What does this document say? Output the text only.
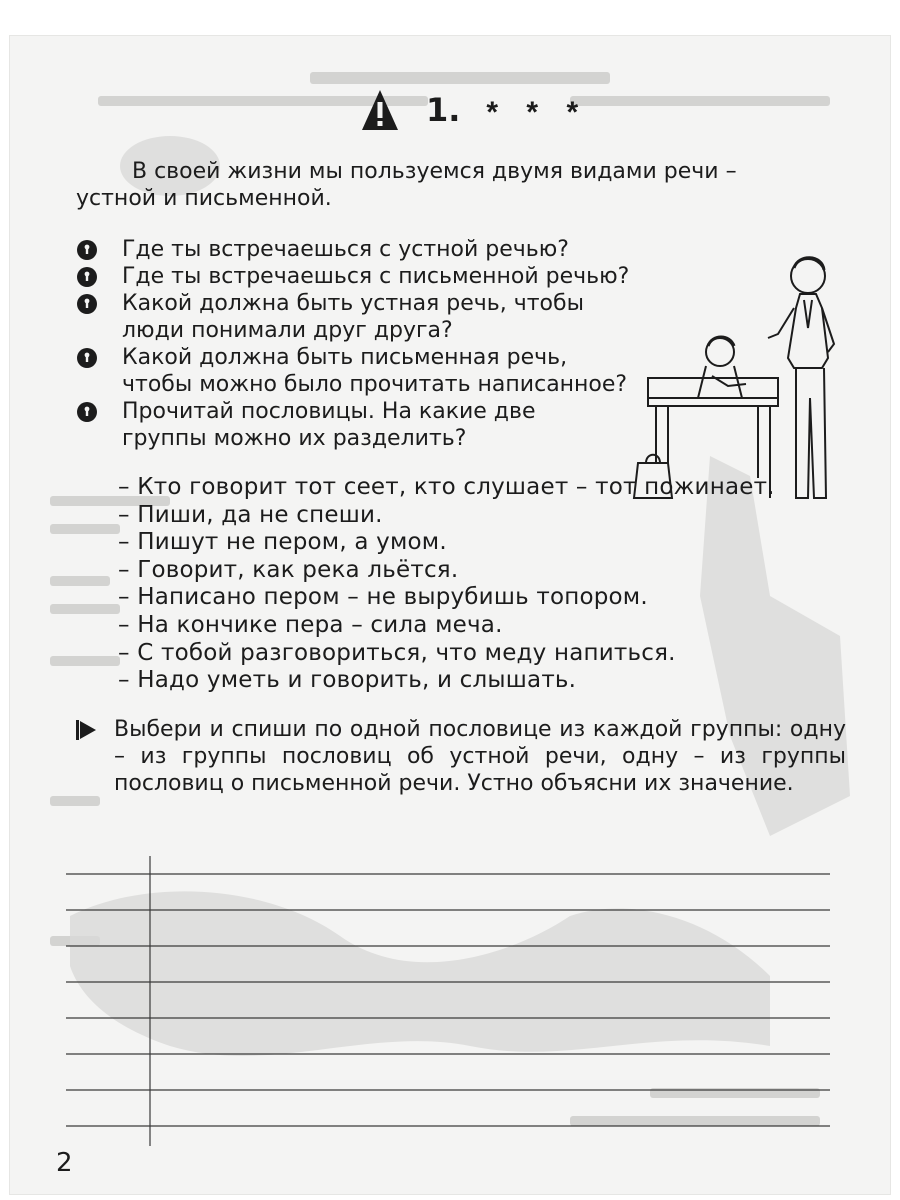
1. * * *

В своей жизни мы пользуемся двумя видами речи –

устной и письменной.

Где ты встречаешься с устной речью?
Где ты встречаешься с письменной речью?
Какой должна быть устная речь, чтобы
люди понимали друг друга?
Какой должна быть письменная речь,
чтобы можно было прочитать написанное?
Прочитай пословицы. На какие две
группы можно их разделить?
– Кто говорит тот сеет, кто слушает – тот пожинает.
– Пиши, да не спеши.
– Пишут не пером, а умом.
– Говорит, как река льётся.
– Написано пером – не вырубишь топором.
– На кончике пера – сила меча.
– С тобой разговориться, что меду напиться.
– Надо уметь и говорить, и слышать.
Выбери и спиши по одной пословице из каждой группы: одну – из группы пословиц об устной речи, одну – из группы пословиц о письменной речи. Устно объясни их значение.
2
